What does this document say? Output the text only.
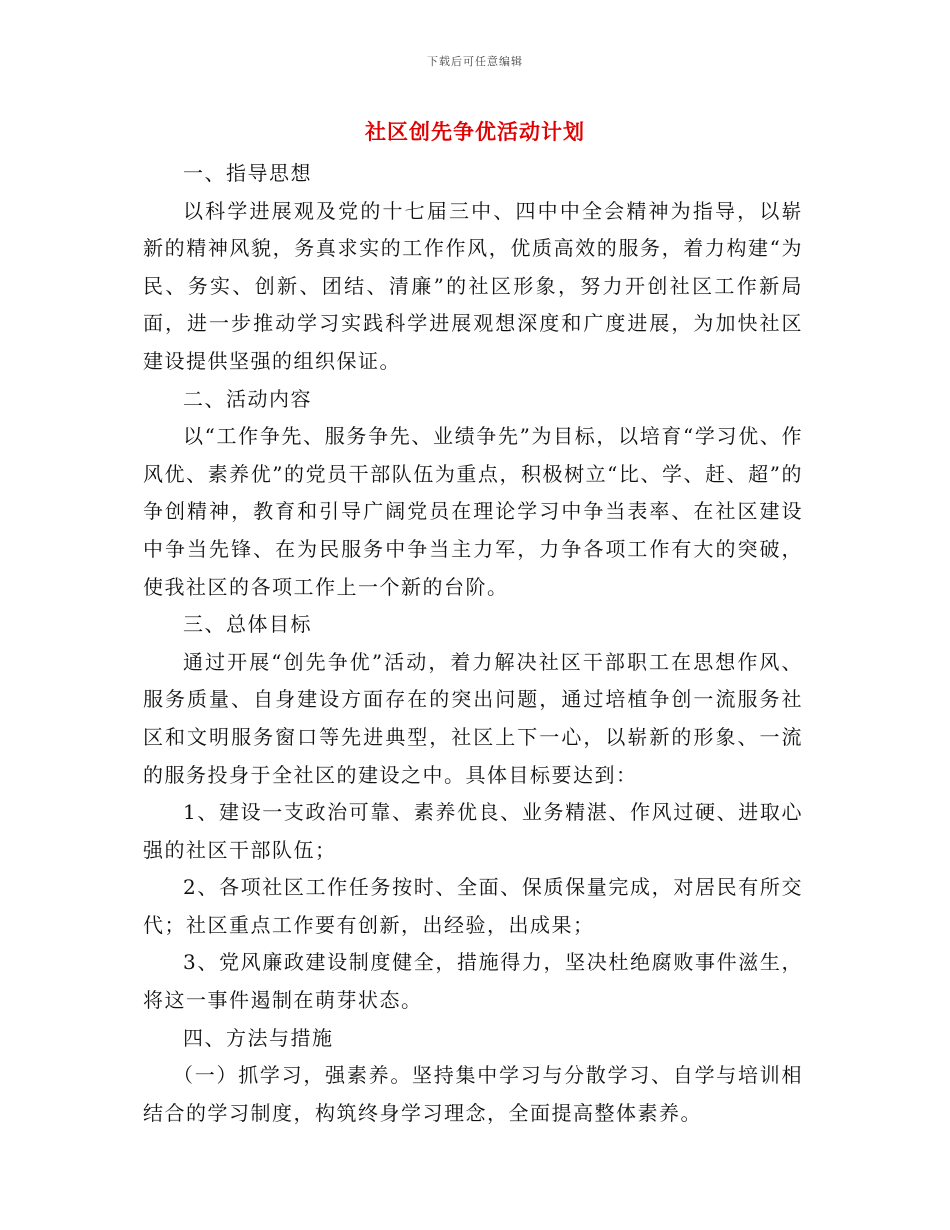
下载后可任意编辑
社区创先争优活动计划

一、指导思想

以科学进展观及党的十七届三中、四中中全会精神为指导，以崭新的精神风貌，务真求实的工作作风，优质高效的服务，着力构建“为民、务实、创新、团结、清廉”的社区形象，努力开创社区工作新局面，进一步推动学习实践科学进展观想深度和广度进展，为加快社区建设提供坚强的组织保证。

二、活动内容

以“工作争先、服务争先、业绩争先”为目标，以培育“学习优、作风优、素养优”的党员干部队伍为重点，积极树立“比、学、赶、超”的争创精神，教育和引导广阔党员在理论学习中争当表率、在社区建设中争当先锋、在为民服务中争当主力军，力争各项工作有大的突破，使我社区的各项工作上一个新的台阶。

三、总体目标

通过开展“创先争优”活动，着力解决社区干部职工在思想作风、服务质量、自身建设方面存在的突出问题，通过培植争创一流服务社区和文明服务窗口等先进典型，社区上下一心，以崭新的形象、一流的服务投身于全社区的建设之中。具体目标要达到：

1、建设一支政治可靠、素养优良、业务精湛、作风过硬、进取心强的社区干部队伍；

2、各项社区工作任务按时、全面、保质保量完成，对居民有所交代；社区重点工作要有创新，出经验，出成果；

3、党风廉政建设制度健全，措施得力，坚决杜绝腐败事件滋生，将这一事件遏制在萌芽状态。

四、方法与措施

（一）抓学习，强素养。坚持集中学习与分散学习、自学与培训相结合的学习制度，构筑终身学习理念，全面提高整体素养。
